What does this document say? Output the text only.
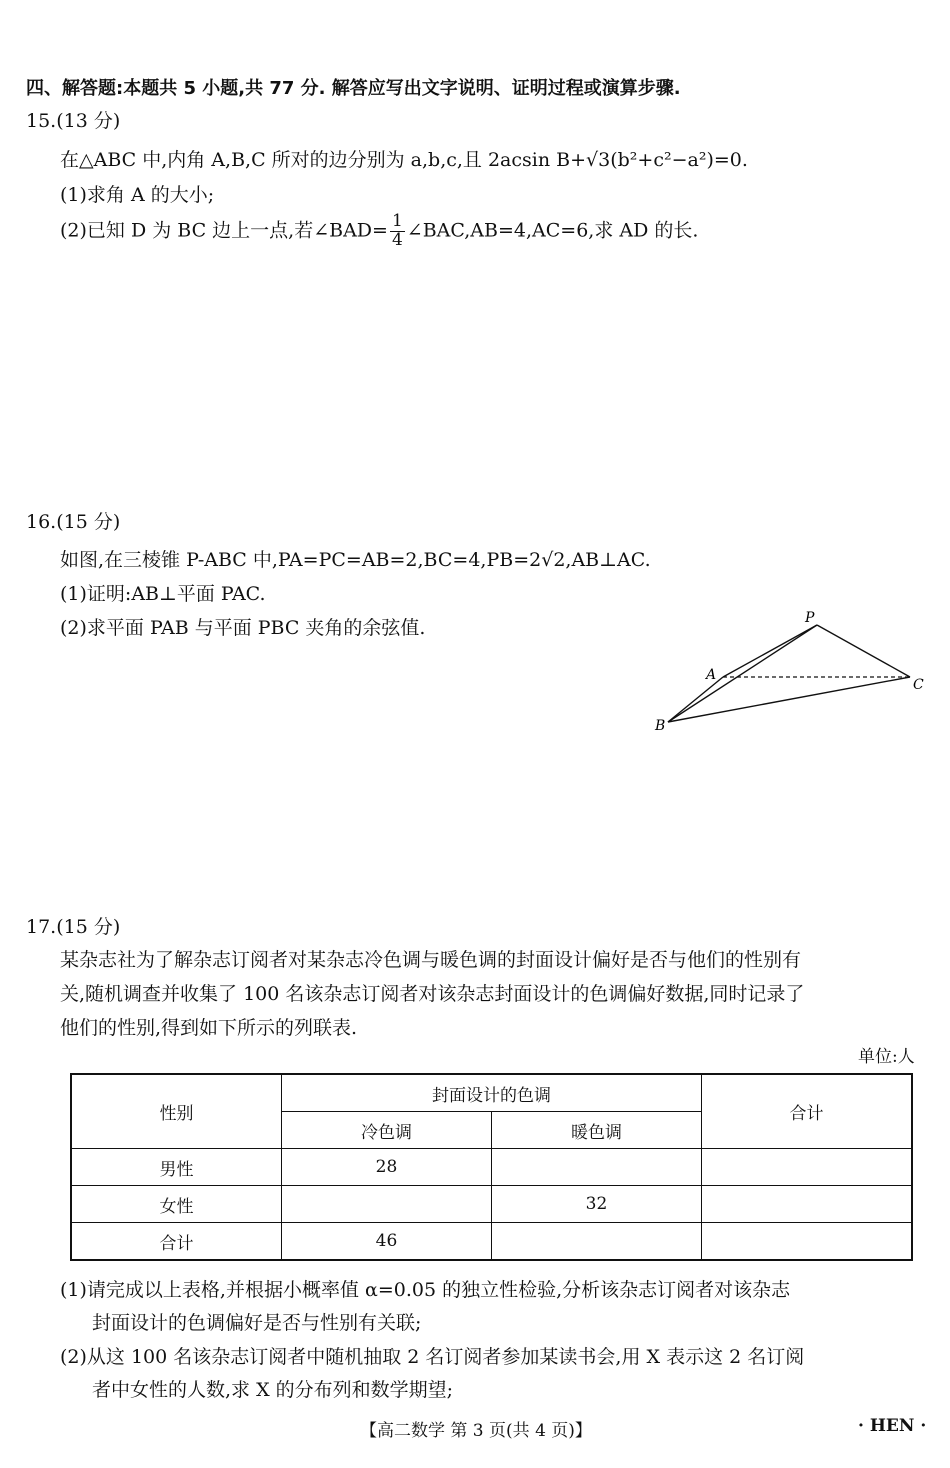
四、解答题:本题共 5 小题,共 77 分. 解答应写出文字说明、证明过程或演算步骤.
15.(13 分)
在△ABC 中,内角 A,B,C 所对的边分别为 a,b,c,且 2acsin B+√3(b²+c²−a²)=0.
(1)求角 A 的大小;
(2)已知 D 为 BC 边上一点,若∠BAD= $\frac{1}{4}$ ∠BAC,AB=4,AC=6,求 AD 的长.
16.(15 分)
如图,在三棱锥 P-ABC 中,PA=PC=AB=2,BC=4,PB=2√2,AB⊥AC.
(1)证明:AB⊥平面 PAC.
(2)求平面 PAB 与平面 PBC 夹角的余弦值.	P
A
B
C
17.(15 分)
某杂志社为了解杂志订阅者对某杂志冷色调与暖色调的封面设计偏好是否与他们的性别有
关,随机调查并收集了 100 名该杂志订阅者对该杂志封面设计的色调偏好数据,同时记录了
他们的性别,得到如下所示的列联表.
单位:人
性别	封面设计的色调		合计
	冷色调	暖色调	
男性	28		
女性		32	
合计	46		
(1)请完成以上表格,并根据小概率值 α=0.05 的独立性检验,分析该杂志订阅者对该杂志
封面设计的色调偏好是否与性别有关联;
(2)从这 100 名该杂志订阅者中随机抽取 2 名订阅者参加某读书会,用 X 表示这 2 名订阅
者中女性的人数,求 X 的分布列和数学期望;
【高二数学 第 3 页(共 4 页)】	· HEN ·
